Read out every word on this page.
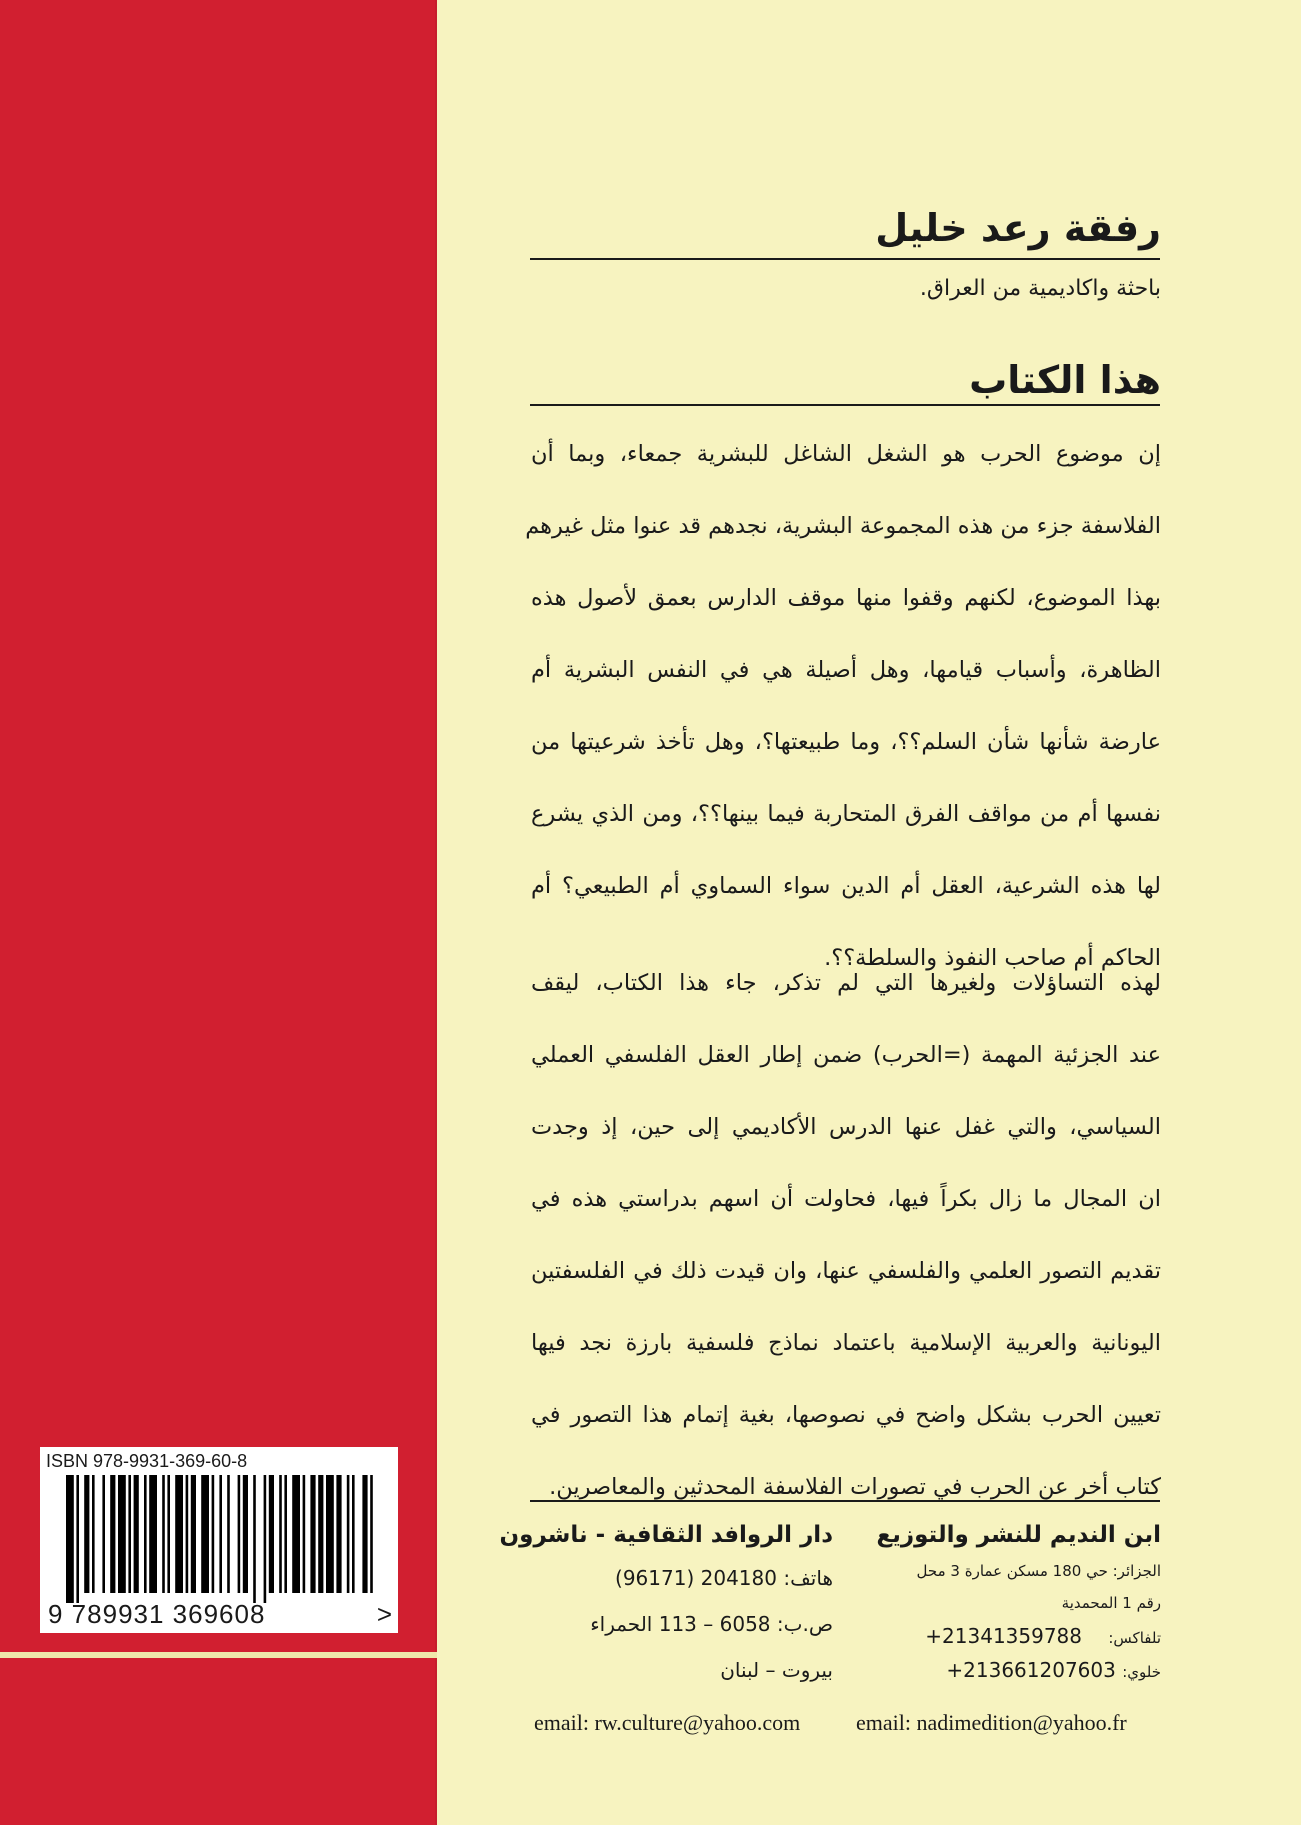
رفقة رعد خليل
باحثة واكاديمية من العراق.
هذا الكتاب
إن موضوع الحرب هو الشغل الشاغل للبشرية جمعاء، وبما أن
الفلاسفة جزء من هذه المجموعة البشرية، نجدهم قد عنوا مثل غيرهم
بهذا الموضوع، لكنهم وقفوا منها موقف الدارس بعمق لأصول هذه
الظاهرة، وأسباب قيامها، وهل أصيلة هي في النفس البشرية أم
عارضة شأنها شأن السلم؟؟، وما طبيعتها؟، وهل تأخذ شرعيتها من
نفسها أم من مواقف الفرق المتحاربة فيما بينها؟؟، ومن الذي يشرع
لها هذه الشرعية، العقل أم الدين سواء السماوي أم الطبيعي؟ أم
الحاكم أم صاحب النفوذ والسلطة؟؟.
لهذه التساؤلات ولغيرها التي لم تذكر، جاء هذا الكتاب، ليقف
عند الجزئية المهمة (=الحرب) ضمن إطار العقل الفلسفي العملي
السياسي، والتي غفل عنها الدرس الأكاديمي إلى حين، إذ وجدت
ان المجال ما زال بكراً فيها، فحاولت أن اسهم بدراستي هذه في
تقديم التصور العلمي والفلسفي عنها، وان قيدت ذلك في الفلسفتين
اليونانية والعربية الإسلامية باعتماد نماذج فلسفية بارزة نجد فيها
تعيين الحرب بشكل واضح في نصوصها، بغية إتمام هذا التصور في
كتاب أخر عن الحرب في تصورات الفلاسفة المحدثين والمعاصرين.
ابن النديم للنشر والتوزيع
الجزائر: حي 180 مسكن عمارة 3 محل
رقم 1 المحمدية
تلفاكس: +21341359788
خلوي: +213661207603
email: nadimedition@yahoo.fr
دار الروافد الثقافية - ناشرون
هاتف: 204180 (96171)
ص.ب: 6058 – 113 الحمراء
بيروت – لبنان
email: rw.culture@yahoo.com
ISBN 978-9931-369-60-8
9 789931 369608	>
